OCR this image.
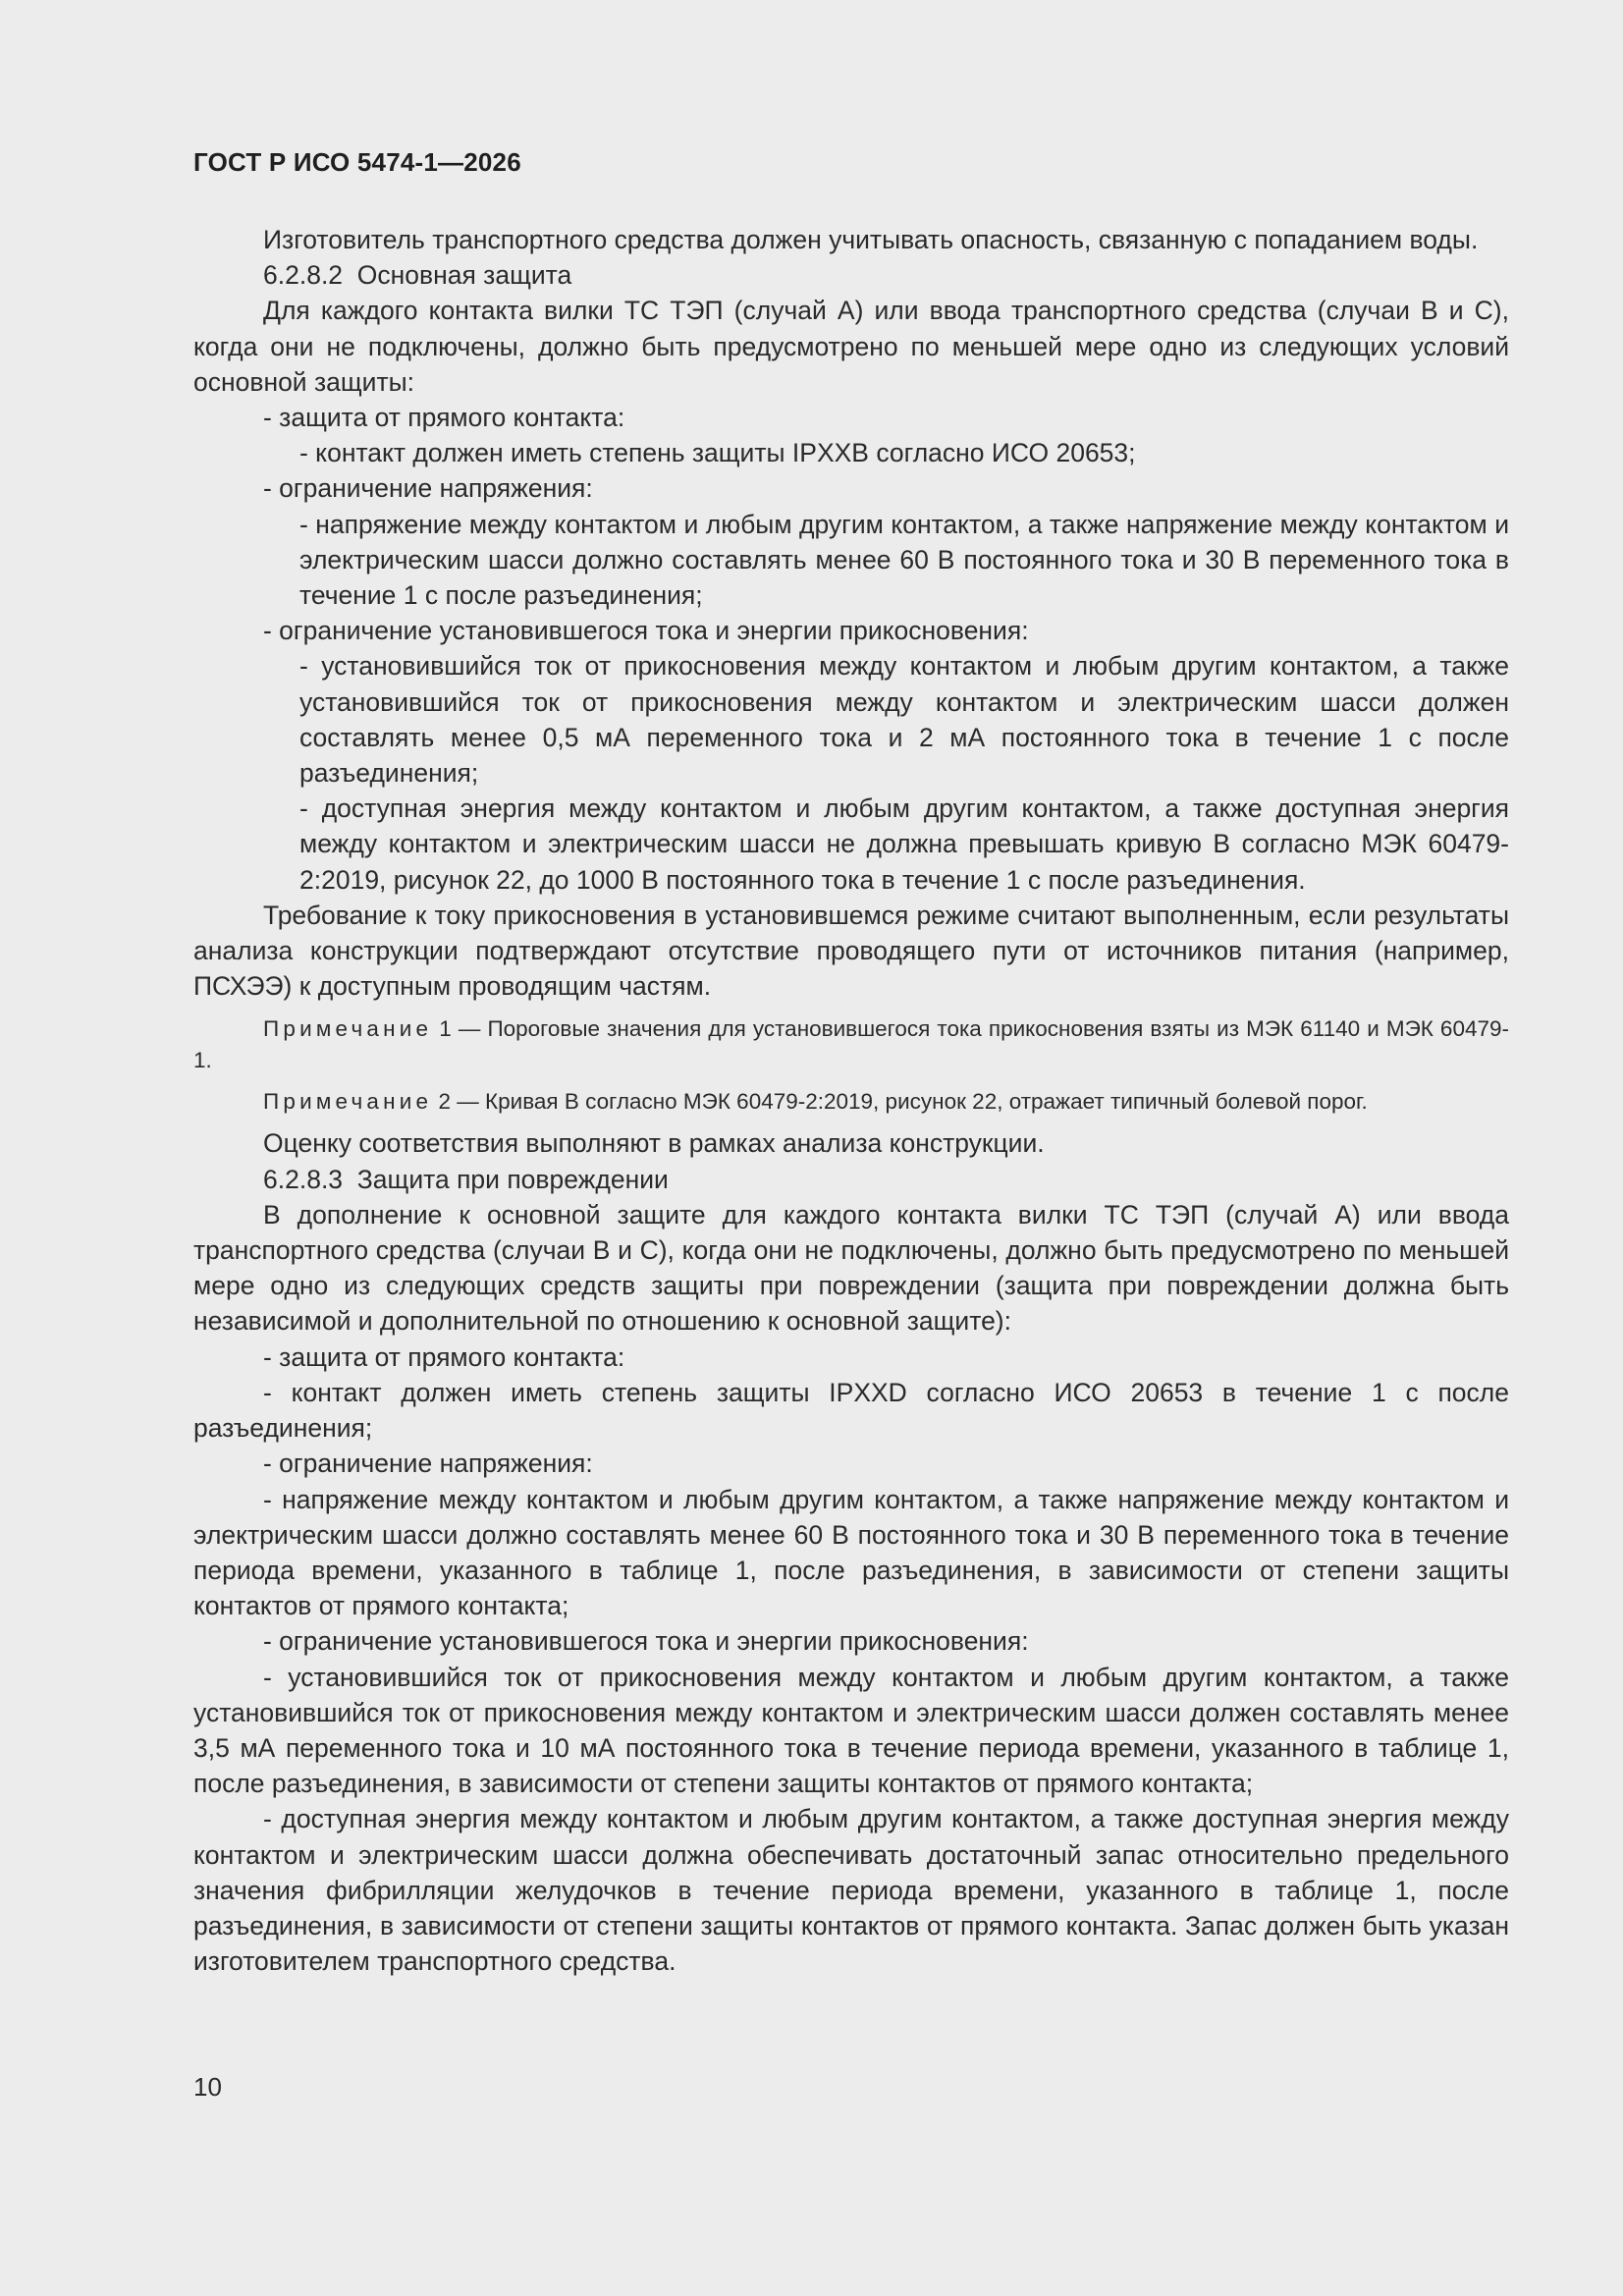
ГОСТ Р ИСО 5474-1—2026

Изготовитель транспортного средства должен учитывать опасность, связанную с попаданием воды.

6.2.8.2 Основная защита

Для каждого контакта вилки ТС ТЭП (случай А) или ввода транспортного средства (случаи В и С), когда они не подключены, должно быть предусмотрено по меньшей мере одно из следующих условий основной защиты:

- защита от прямого контакта:

- контакт должен иметь степень защиты IPXXB согласно ИСО 20653;

- ограничение напряжения:

- напряжение между контактом и любым другим контактом, а также напряжение между контактом и электрическим шасси должно составлять менее 60 В постоянного тока и 30 В переменного тока в течение 1 с после разъединения;

- ограничение установившегося тока и энергии прикосновения:

- установившийся ток от прикосновения между контактом и любым другим контактом, а также установившийся ток от прикосновения между контактом и электрическим шасси должен составлять менее 0,5 мА переменного тока и 2 мА постоянного тока в течение 1 с после разъединения;

- доступная энергия между контактом и любым другим контактом, а также доступная энергия между контактом и электрическим шасси не должна превышать кривую В согласно МЭК 60479-2:2019, рисунок 22, до 1000 В постоянного тока в течение 1 с после разъединения.

Требование к току прикосновения в установившемся режиме считают выполненным, если результаты анализа конструкции подтверждают отсутствие проводящего пути от источников питания (например, ПСХЭЭ) к доступным проводящим частям.

Примечание 1 — Пороговые значения для установившегося тока прикосновения взяты из МЭК 61140 и МЭК 60479-1.

Примечание 2 — Кривая В согласно МЭК 60479-2:2019, рисунок 22, отражает типичный болевой порог.

Оценку соответствия выполняют в рамках анализа конструкции.

6.2.8.3 Защита при повреждении

В дополнение к основной защите для каждого контакта вилки ТС ТЭП (случай А) или ввода транспортного средства (случаи В и С), когда они не подключены, должно быть предусмотрено по меньшей мере одно из следующих средств защиты при повреждении (защита при повреждении должна быть независимой и дополнительной по отношению к основной защите):

- защита от прямого контакта:

- контакт должен иметь степень защиты IPXXD согласно ИСО 20653 в течение 1 с после разъединения;

- ограничение напряжения:

- напряжение между контактом и любым другим контактом, а также напряжение между контактом и электрическим шасси должно составлять менее 60 В постоянного тока и 30 В переменного тока в течение периода времени, указанного в таблице 1, после разъединения, в зависимости от степени защиты контактов от прямого контакта;

- ограничение установившегося тока и энергии прикосновения:

- установившийся ток от прикосновения между контактом и любым другим контактом, а также установившийся ток от прикосновения между контактом и электрическим шасси должен составлять менее 3,5 мА переменного тока и 10 мА постоянного тока в течение периода времени, указанного в таблице 1, после разъединения, в зависимости от степени защиты контактов от прямого контакта;

- доступная энергия между контактом и любым другим контактом, а также доступная энергия между контактом и электрическим шасси должна обеспечивать достаточный запас относительно предельного значения фибрилляции желудочков в течение периода времени, указанного в таблице 1, после разъединения, в зависимости от степени защиты контактов от прямого контакта. Запас должен быть указан изготовителем транспортного средства.

10
